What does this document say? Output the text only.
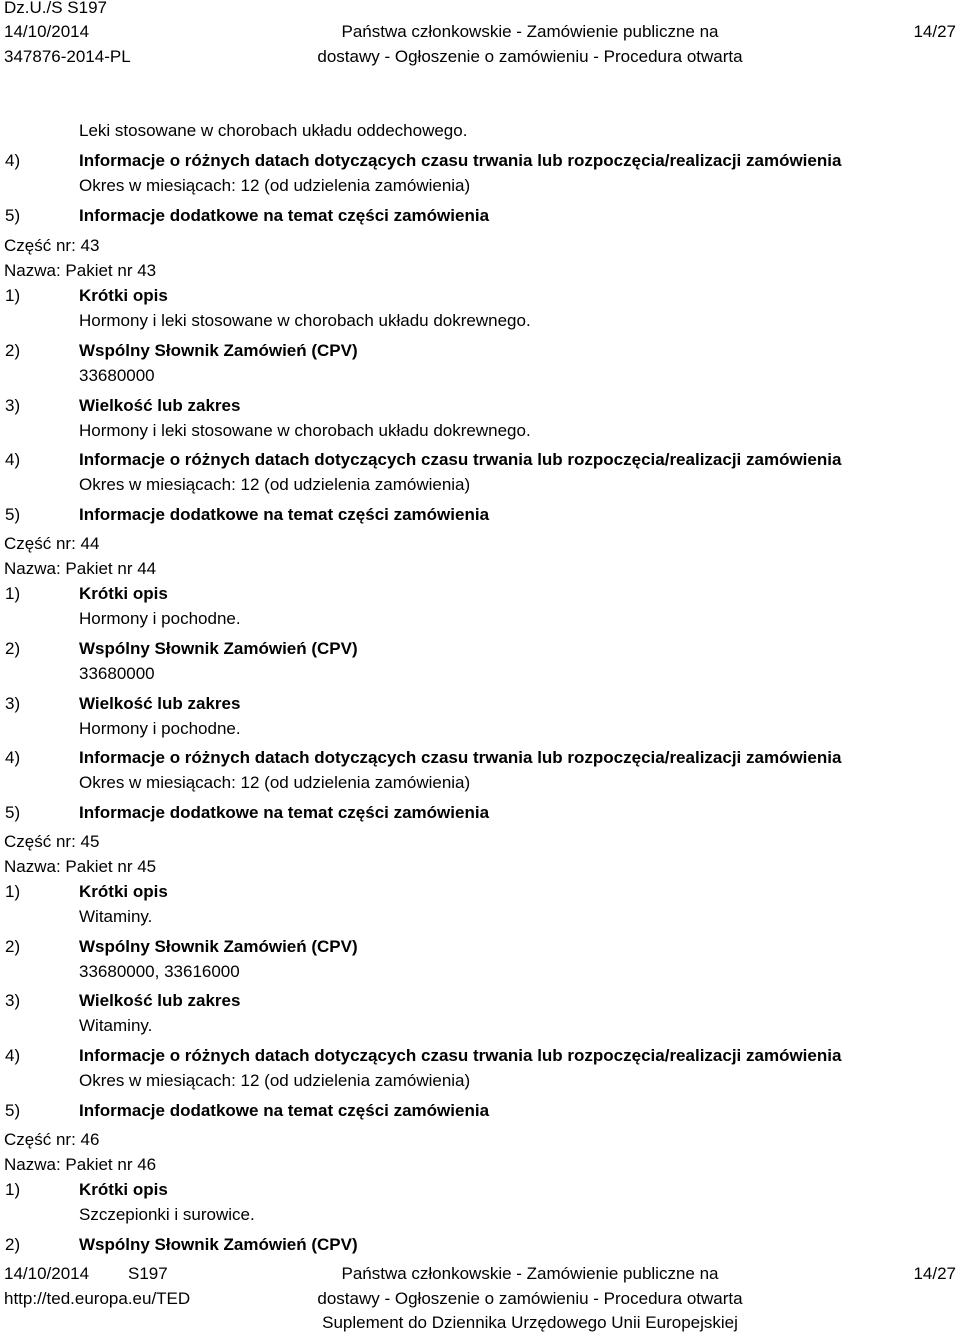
Dz.U./S S197
14/10/2014
347876-2014-PL
Państwa członkowskie - Zamówienie publiczne na
dostawy - Ogłoszenie o zamówieniu - Procedura otwarta
14/27
Leki stosowane w chorobach układu oddechowego.
4)	Informacje o różnych datach dotyczących czasu trwania lub rozpoczęcia/realizacji zamówienia
Okres w miesiącach: 12 (od udzielenia zamówienia)
5)	Informacje dodatkowe na temat części zamówienia
Część nr: 43
Nazwa: Pakiet nr 43
1)	Krótki opis
Hormony i leki stosowane w chorobach układu dokrewnego.
2)	Wspólny Słownik Zamówień (CPV)
33680000
3)	Wielkość lub zakres
Hormony i leki stosowane w chorobach układu dokrewnego.
4)	Informacje o różnych datach dotyczących czasu trwania lub rozpoczęcia/realizacji zamówienia
Okres w miesiącach: 12 (od udzielenia zamówienia)
5)	Informacje dodatkowe na temat części zamówienia
Część nr: 44
Nazwa: Pakiet nr 44
1)	Krótki opis
Hormony i pochodne.
2)	Wspólny Słownik Zamówień (CPV)
33680000
3)	Wielkość lub zakres
Hormony i pochodne.
4)	Informacje o różnych datach dotyczących czasu trwania lub rozpoczęcia/realizacji zamówienia
Okres w miesiącach: 12 (od udzielenia zamówienia)
5)	Informacje dodatkowe na temat części zamówienia
Część nr: 45
Nazwa: Pakiet nr 45
1)	Krótki opis
Witaminy.
2)	Wspólny Słownik Zamówień (CPV)
33680000, 33616000
3)	Wielkość lub zakres
Witaminy.
4)	Informacje o różnych datach dotyczących czasu trwania lub rozpoczęcia/realizacji zamówienia
Okres w miesiącach: 12 (od udzielenia zamówienia)
5)	Informacje dodatkowe na temat części zamówienia
Część nr: 46
Nazwa: Pakiet nr 46
1)	Krótki opis
Szczepionki i surowice.
2)	Wspólny Słownik Zamówień (CPV)
14/10/2014 S197
http://ted.europa.eu/TED
Państwa członkowskie - Zamówienie publiczne na
dostawy - Ogłoszenie o zamówieniu - Procedura otwarta
Suplement do Dziennika Urzędowego Unii Europejskiej
14/27
